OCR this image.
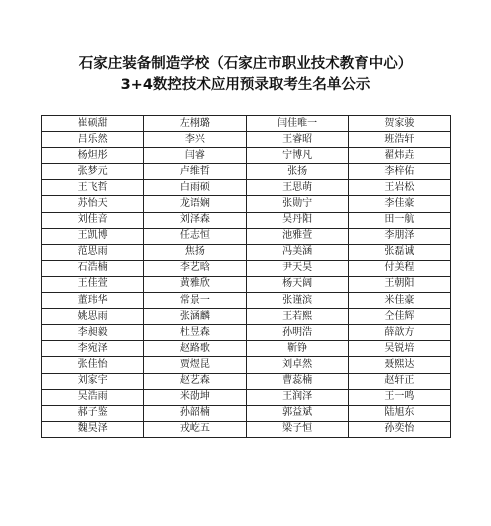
石家庄装备制造学校（石家庄市职业技术教育中心）
3+4数控技术应用预录取考生名单公示
崔硕甜	左栩璐	闫佳唯一	贺家骏
吕乐然	李兴	王睿昭	班浩轩
杨炟彤	闫睿	宁博凡	翟炜垚
张梦元	卢维哲	张扬	李梓佑
王飞哲	白雨硕	王思萌	王岩松
苏怡天	龙语娴	张勋宁	李佳豪
刘佳音	刘泽森	吴丹阳	田一航
王凯博	任志恒	池雅萱	李朋泽
范思雨	焦扬	冯美涵	张磊诚
石浩楠	李艺晗	尹天昊	付美程
王佳萱	黄雅欣	杨天阔	王朝阳
董玮华	常景一	张谨滨	米佳豪
姚思雨	张涵麟	王若熙	仝佳辉
李昶毅	杜昱森	孙明浩	薛歆方
李宛泽	赵路歌	靳铮	吴锐培
张佳怡	贾煜昆	刘卓然	聂熙达
刘家宇	赵艺森	曹蕊楠	赵轩正
吴浩雨	米劭坤	王润泽	王一鸣
郝子鉴	孙韶楠	郭益斌	陆旭东
魏昊泽	戎屹五	梁子恒	孙奕怡
